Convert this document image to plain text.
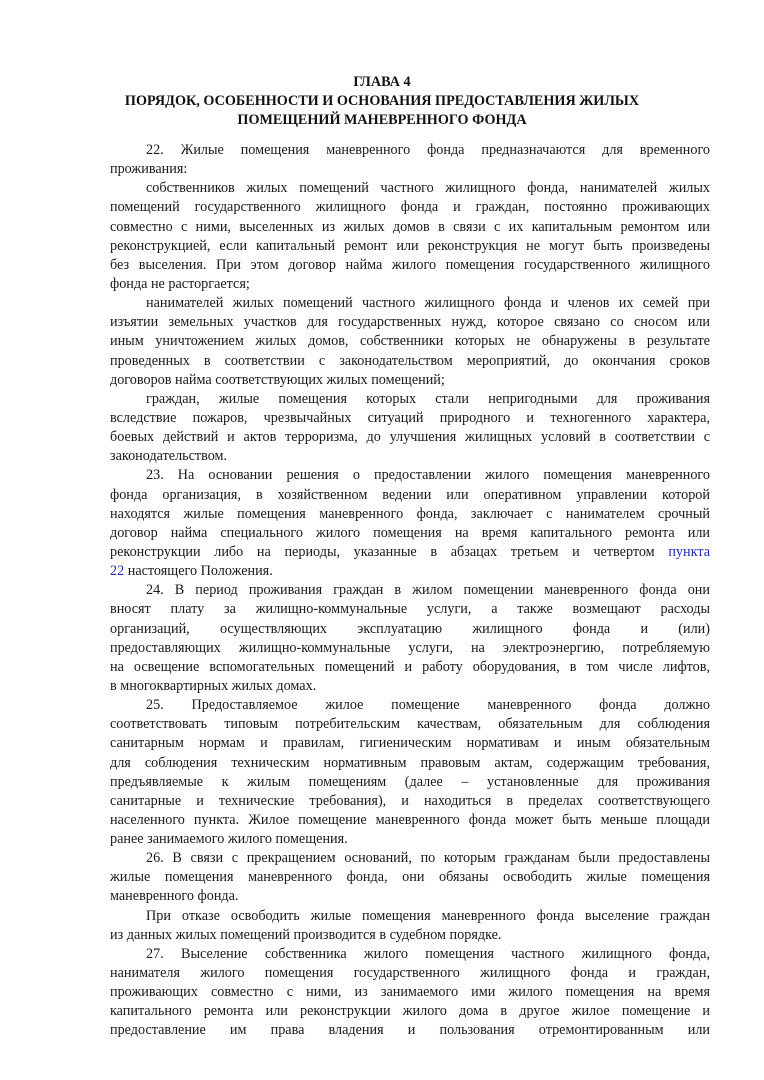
ГЛАВА 4
ПОРЯДОК, ОСОБЕННОСТИ И ОСНОВАНИЯ ПРЕДОСТАВЛЕНИЯ ЖИЛЫХ
ПОМЕЩЕНИЙ МАНЕВРЕННОГО ФОНДА
22. Жилые помещения маневренного фонда предназначаются для временного
проживания:
собственников жилых помещений частного жилищного фонда, нанимателей жилых
помещений государственного жилищного фонда и граждан, постоянно проживающих
совместно с ними, выселенных из жилых домов в связи с их капитальным ремонтом или
реконструкцией, если капитальный ремонт или реконструкция не могут быть произведены
без выселения. При этом договор найма жилого помещения государственного жилищного
фонда не расторгается;
нанимателей жилых помещений частного жилищного фонда и членов их семей при
изъятии земельных участков для государственных нужд, которое связано со сносом или
иным уничтожением жилых домов, собственники которых не обнаружены в результате
проведенных в соответствии с законодательством мероприятий, до окончания сроков
договоров найма соответствующих жилых помещений;
граждан, жилые помещения которых стали непригодными для проживания
вследствие пожаров, чрезвычайных ситуаций природного и техногенного характера,
боевых действий и актов терроризма, до улучшения жилищных условий в соответствии с
законодательством.
23. На основании решения о предоставлении жилого помещения маневренного
фонда организация, в хозяйственном ведении или оперативном управлении которой
находятся жилые помещения маневренного фонда, заключает с нанимателем срочный
договор найма специального жилого помещения на время капитального ремонта или
реконструкции либо на периоды, указанные в абзацах третьем и четвертом пункта
22 настоящего Положения.
24. В период проживания граждан в жилом помещении маневренного фонда они
вносят плату за жилищно-коммунальные услуги, а также возмещают расходы
организаций, осуществляющих эксплуатацию жилищного фонда и (или)
предоставляющих жилищно-коммунальные услуги, на электроэнергию, потребляемую
на освещение вспомогательных помещений и работу оборудования, в том числе лифтов,
в многоквартирных жилых домах.
25. Предоставляемое жилое помещение маневренного фонда должно
соответствовать типовым потребительским качествам, обязательным для соблюдения
санитарным нормам и правилам, гигиеническим нормативам и иным обязательным
для соблюдения техническим нормативным правовым актам, содержащим требования,
предъявляемые к жилым помещениям (далее – установленные для проживания
санитарные и технические требования), и находиться в пределах соответствующего
населенного пункта. Жилое помещение маневренного фонда может быть меньше площади
ранее занимаемого жилого помещения.
26. В связи с прекращением оснований, по которым гражданам были предоставлены
жилые помещения маневренного фонда, они обязаны освободить жилые помещения
маневренного фонда.
При отказе освободить жилые помещения маневренного фонда выселение граждан
из данных жилых помещений производится в судебном порядке.
27. Выселение собственника жилого помещения частного жилищного фонда,
нанимателя жилого помещения государственного жилищного фонда и граждан,
проживающих совместно с ними, из занимаемого ими жилого помещения на время
капитального ремонта или реконструкции жилого дома в другое жилое помещение и
предоставление им права владения и пользования отремонтированным или
